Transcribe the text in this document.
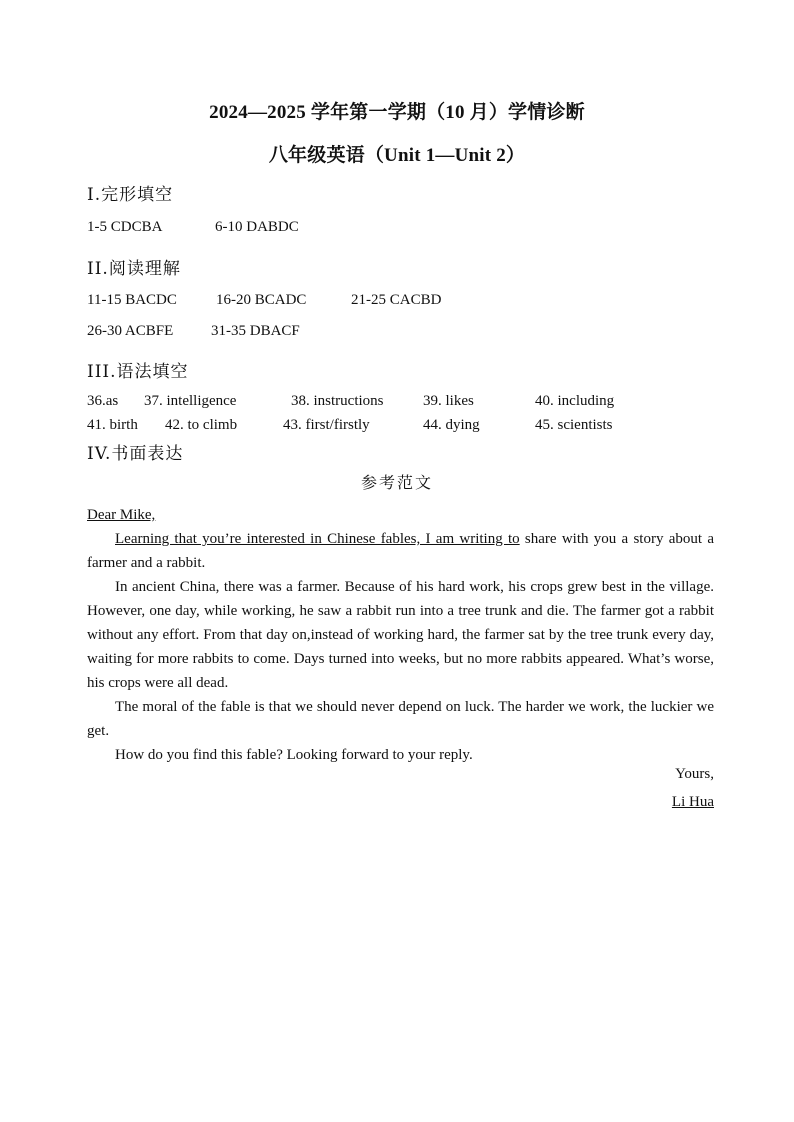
2024—2025 学年第一学期（10 月）学情诊断
八年级英语（Unit 1—Unit 2）
I.完形填空
1-5 CDCBA	6-10 DABDC
II.阅读理解
11-15 BACDC	16-20 BCADC	21-25 CACBD
26-30 ACBFE	31-35 DBACF
III.语法填空
36.as 37. intelligence	38. instructions	39. likes	40. including
41. birth 42. to climb	43. first/firstly	44. dying	45. scientists
IV.书面表达
参考范文
Dear Mike,
Learning that you’re interested in Chinese fables, I am writing to share with you a story about a farmer and a rabbit.
In ancient China, there was a farmer. Because of his hard work, his crops grew best in the village. However, one day, while working, he saw a rabbit run into a tree trunk and die. The farmer got a rabbit without any effort. From that day on,instead of working hard, the farmer sat by the tree trunk every day, waiting for more rabbits to come. Days turned into weeks, but no more rabbits appeared. What’s worse, his crops were all dead.
The moral of the fable is that we should never depend on luck. The harder we work, the luckier we get.
How do you find this fable? Looking forward to your reply.
Yours,
Li Hua
